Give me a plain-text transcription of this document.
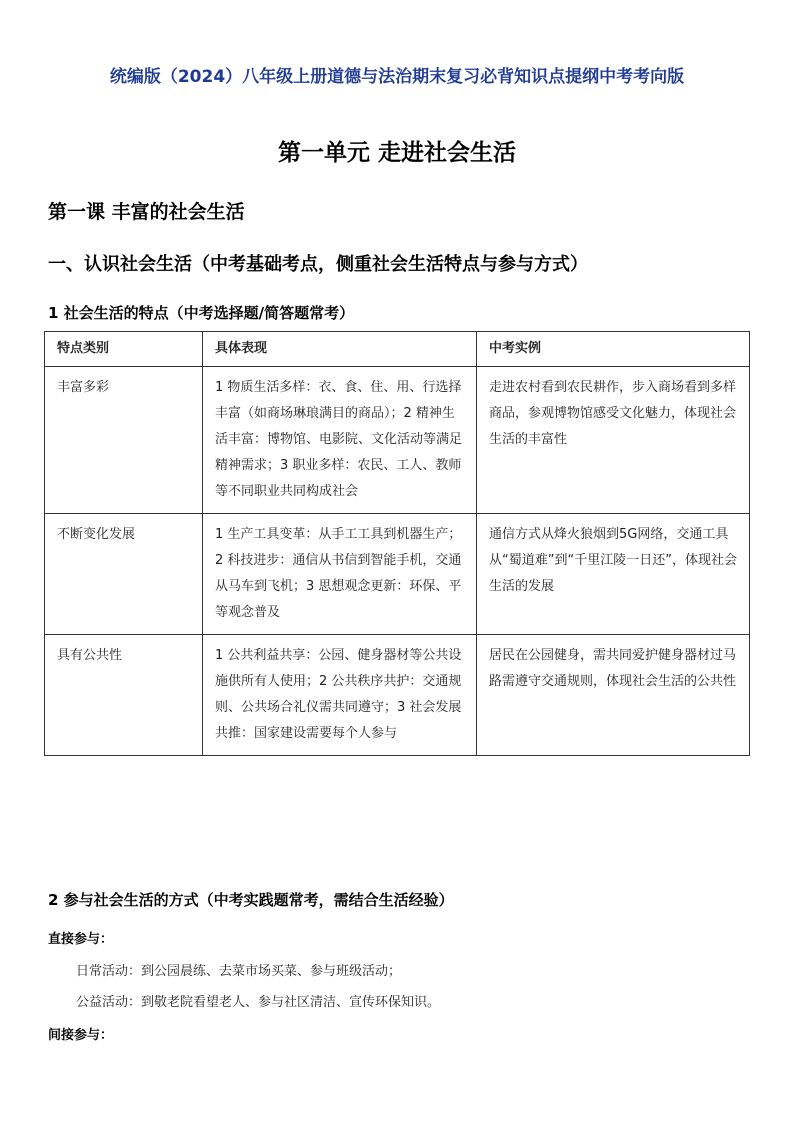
统编版（2024）八年级上册道德与法治期末复习必背知识点提纲中考考向版
第一单元 走进社会生活
第一课 丰富的社会生活
一、认识社会生活（中考基础考点，侧重社会生活特点与参与方式）
1 社会生活的特点（中考选择题/简答题常考）
特点类别	具体表现	中考实例
丰富多彩	1 物质生活多样：衣、食、住、用、行选择丰富（如商场琳琅满目的商品）；2 精神生活丰富：博物馆、电影院、文化活动等满足精神需求；3 职业多样：农民、工人、教师等不同职业共同构成社会	走进农村看到农民耕作，步入商场看到多样商品，参观博物馆感受文化魅力，体现社会生活的丰富性
不断变化发展	1 生产工具变革：从手工工具到机器生产；2 科技进步：通信从书信到智能手机，交通从马车到飞机；3 思想观念更新：环保、平等观念普及	通信方式从烽火狼烟到5G网络，交通工具从“蜀道难”到“千里江陵一日还”，体现社会生活的发展
具有公共性	1 公共利益共享：公园、健身器材等公共设施供所有人使用；2 公共秩序共护：交通规则、公共场合礼仪需共同遵守；3 社会发展共推：国家建设需要每个人参与	居民在公园健身，需共同爱护健身器材过马路需遵守交通规则，体现社会生活的公共性
2 参与社会生活的方式（中考实践题常考，需结合生活经验）
直接参与：
日常活动：到公园晨练、去菜市场买菜、参与班级活动；
公益活动：到敬老院看望老人、参与社区清洁、宣传环保知识。
间接参与：
